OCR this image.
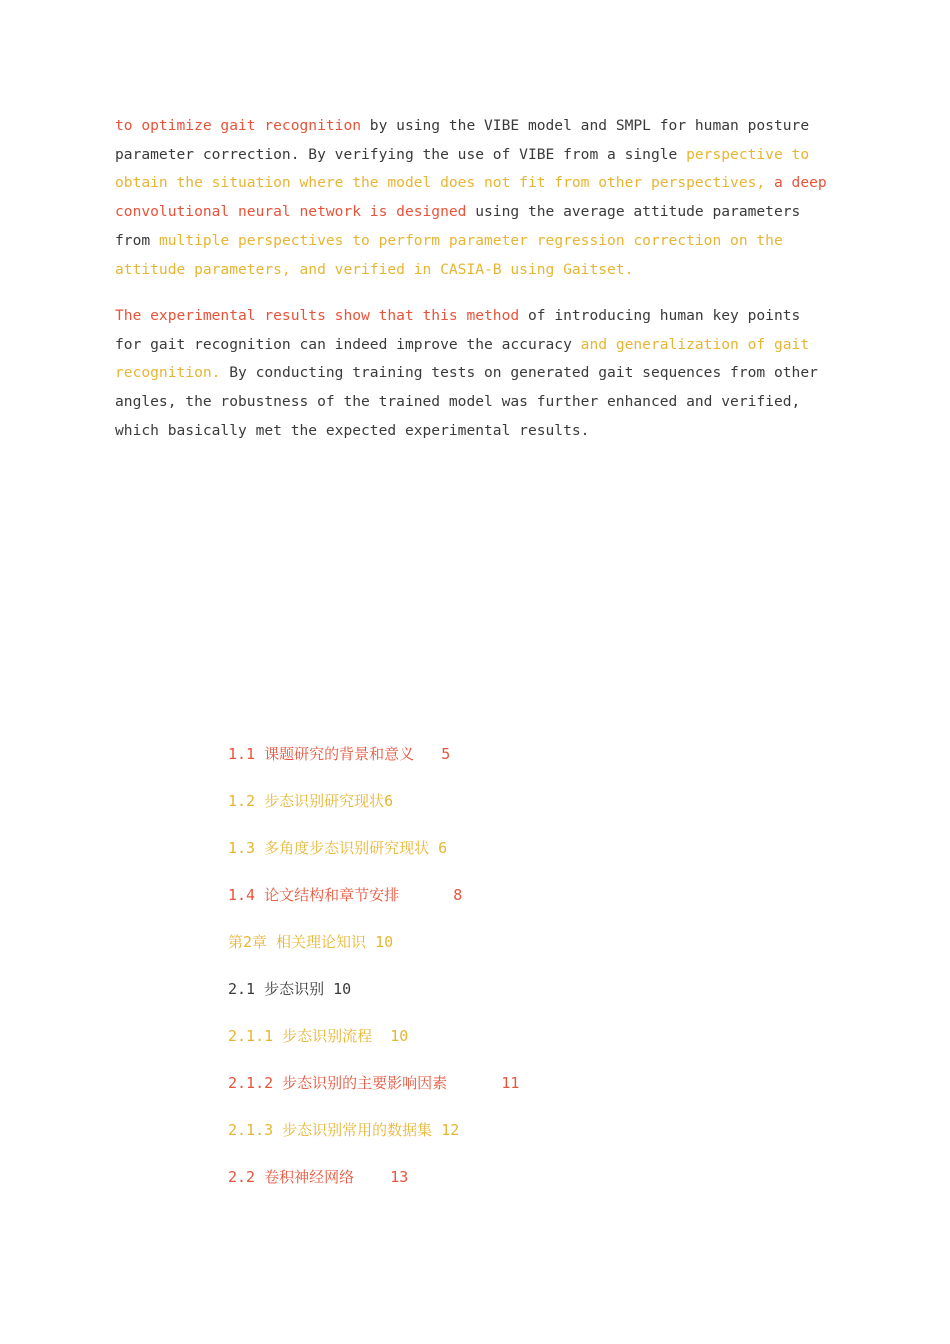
to optimize gait recognition by using the VIBE model and SMPL for human posture parameter correction. By verifying the use of VIBE from a single perspective to obtain the situation where the model does not fit from other perspectives, a deep convolutional neural network is designed using the average attitude parameters from multiple perspectives to perform parameter regression correction on the attitude parameters, and verified in CASIA-B using Gaitset.

The experimental results show that this method of introducing human key points for gait recognition can indeed improve the accuracy and generalization of gait recognition. By conducting training tests on generated gait sequences from other angles, the robustness of the trained model was further enhanced and verified, which basically met the expected experimental results.

1.1 课题研究的背景和意义   5
1.2 步态识别研究现状6
1.3 多角度步态识别研究现状 6
1.4 论文结构和章节安排      8
第2章 相关理论知识 10
2.1 步态识别 10
2.1.1 步态识别流程  10
2.1.2 步态识别的主要影响因素      11
2.1.3 步态识别常用的数据集 12
2.2 卷积神经网络    13
